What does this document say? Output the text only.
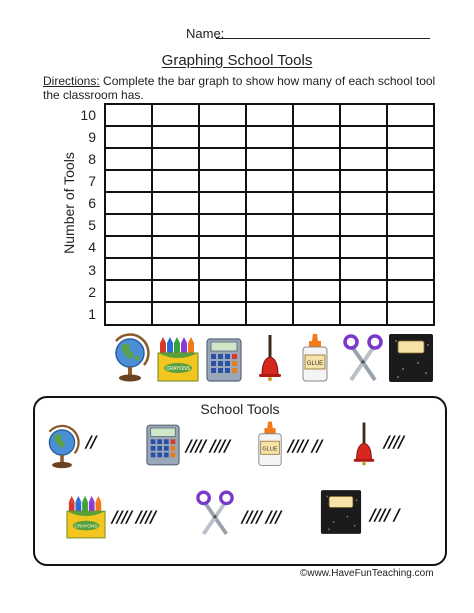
Name:
Graphing School Tools
Directions: Complete the bar graph to show how many of each school tool the classroom has.
Number of Tools
10
9
8
7
6
5
4
3
2
1
CRAYONS
GLUE
School Tools
//	//// ////	GLUE //// //	////
CRAYONS
//// ////	//// ///	//// /
©www.HaveFunTeaching.com
